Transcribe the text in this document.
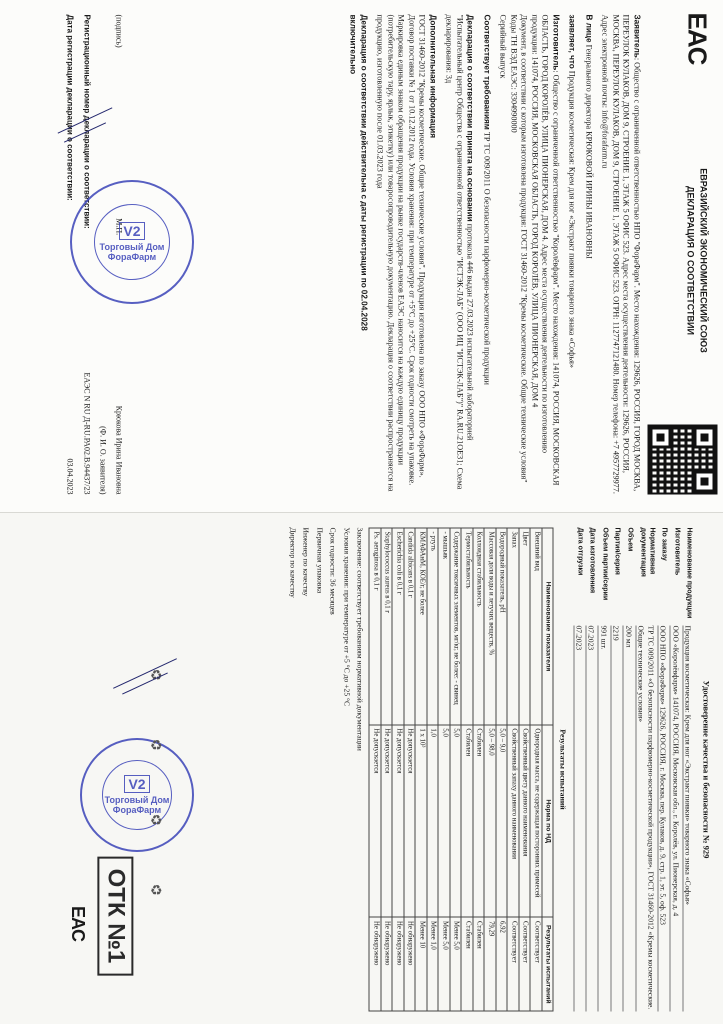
EAC
ЕВРАЗИЙСКИЙ ЭКОНОМИЧЕСКИЙ СОЮЗ
ДЕКЛАРАЦИЯ О СООТВЕТСТВИИ

Заявитель: Общество с ограниченной ответственностью НПО "ФораФарм". Место нахождения: 129626, РОССИЯ, ГОРОД МОСКВА, ПЕРЕУЛОК КУЛАКОВ, ДОМ 9, СТРОЕНИЕ 1, ЭТАЖ 5 ОФИС 523. Адрес места осуществления деятельности: 129626, РОССИЯ, МОСКВА, ПЕРЕУЛОК КУЛАКОВ, ДОМ 9, СТРОЕНИЕ 1, ЭТАЖ 5 ОФИС 523. ОГРН: 1127747121480. Номер телефона: +7 4957729977. Адрес электронной почты: info@forafarm.ru

В лице Генерального директора КРЮКОВОЙ ИРИНЫ ИВАНОВНЫ

заявляет, что Продукция косметическая: Крем для ног «Экстракт пиявки товарного знака «Софья»

Изготовитель: Общество с ограниченной ответственностью "Королёвфарм". Место нахождения: 141074, РОССИЯ, МОСКОВСКАЯ ОБЛАСТЬ, ГОРОД КОРОЛЁВ, УЛИЦА ПИОНЕРСКАЯ, ДОМ 4. Адрес места осуществления деятельности по изготовлению продукции: 141074, РОССИЯ, МОСКОВСКАЯ ОБЛАСТЬ, ГОРОД КОРОЛЁВ, УЛИЦА ПИОНЕРСКАЯ, ДОМ 4
Документ, в соответствии с которым изготовлена продукция: ГОСТ 31460-2012 "Кремы косметические. Общие технические условия"
Коды ТН ВЭД ЕАЭС: 3304990000
Серийный выпуск

Соответствует требованиям ТР ТС 009/2011 О безопасности парфюмерно-косметической продукции

Декларация о соответствии принята на основании протокола 446 выдан 27.03.2023 испытательной лабораторией "Испытательный центр Общества с ограниченной ответственностью "ИСТЭК-ЛАБ" (ООО ИЦ "ИСТЭК-ЛАБ")" RA.RU.21OE31; Схема декларирования: 3д

Дополнительная информация
ГОСТ 31460-2012 "Кремы косметические. Общие технические условия". Продукция изготовлена по заказу ООО НПО «ФораФарм». Договор поставки № 1 от 10.12.2012 года. Условия хранения: при температуре от +5°С до +25°С. Срок годности смотреть на упаковке. Маркировка единым знаком обращения продукции на рынке государств-членов ЕАЭС наносится на каждую единицу продукции (потребительскую тару, ярлык, этикетку) или товаросопроводительную документацию. Декларация о соответствии распространяется на продукцию, изготовленную после 01.03.2023 года

Декларация о соответствии действительна с даты регистрации по 02.04.2028
включительно

(подпись)
М.П.
Крюкова Ирина Ивановна
(Ф. И. О. заявителя)
Регистрационный номер декларации о соответствии:
ЕАЭС N RU Д-RU.РА02.В.94437/23
Дата регистрации декларации о соответствии:
03.04.2023
V2
Торговый Дом
ФораФарм
Удостоверение качества и безопасности № 929
Наименование продукции
Продукция косметическая: Крем для ног «Экстракт пиявки» товарного знака «Софья»
Изготовитель
ООО «Королёвфарм» 141074, РОССИЯ, Московская обл., г. Королёв, ул. Пионерская, д. 4
По заказу
ООО НПО «ФораФарм» 129626, РОССИЯ, г. Москва, пер. Кулаков, д. 9, стр. 1, эт. 5, оф. 523
Нормативная документация
ТР ТС 009/2011 «О безопасности парфюмерно-косметической продукции», ГОСТ 31460-2012 «Кремы косметические. Общие технические условия»
Объем
200 мл
Партия/серия
2219
Объем партии/серии
991 шт.
Дата изготовления
07.2023
Дата отгрузки
07.2023
Результаты испытаний
Наименование показателя	Норма по НД	Результаты испытаний
Внешний вид	Однородная масса, не содержащая посторонних примесей	Соответствует
Цвет	Свойственный цвету данного наименования	Соответствует
Запах	Свойственный запаху данного наименования	Соответствует
Водородный показатель, pH	5,0 – 9,0	6,92
Массовая доля воды и летучих веществ, %	5,0 – 98,0	79,29
Коллоидная стабильность	Стабилен	Стабилен
Термостабильность	Стабилен	Стабилен
Содержание токсичных элементов, мг/кг, не более: - свинец	5,0	Менее 5,0
- мышьяк	5,0	Менее 5,0
- ртуть	1,0	Менее 1,0
КМАФАнМ, КОЕ/г, не более	1 х 10³	Менее 10
Candida albicans в 0,1 г	Не допускается	Не обнаружено
Escherichia coli в 0,1 г	Не допускается	Не обнаружено
Staphylococcus aureus в 0,1 г	Не допускается	Не обнаружено
Ps. aeruginosa в 0,1 г	Не допускается	Не обнаружено

Заключение: соответствует требованиям нормативной документации

Условия хранения: при температуре от +5 °С до +25 °С

Срок годности: 36 месяцев

Первичная упаковка

Инженер по качеству

Директор по качеству

V2
Торговый Дом
ФораФарм
ОТК №1
EAC
♻
♻
♻
♻
